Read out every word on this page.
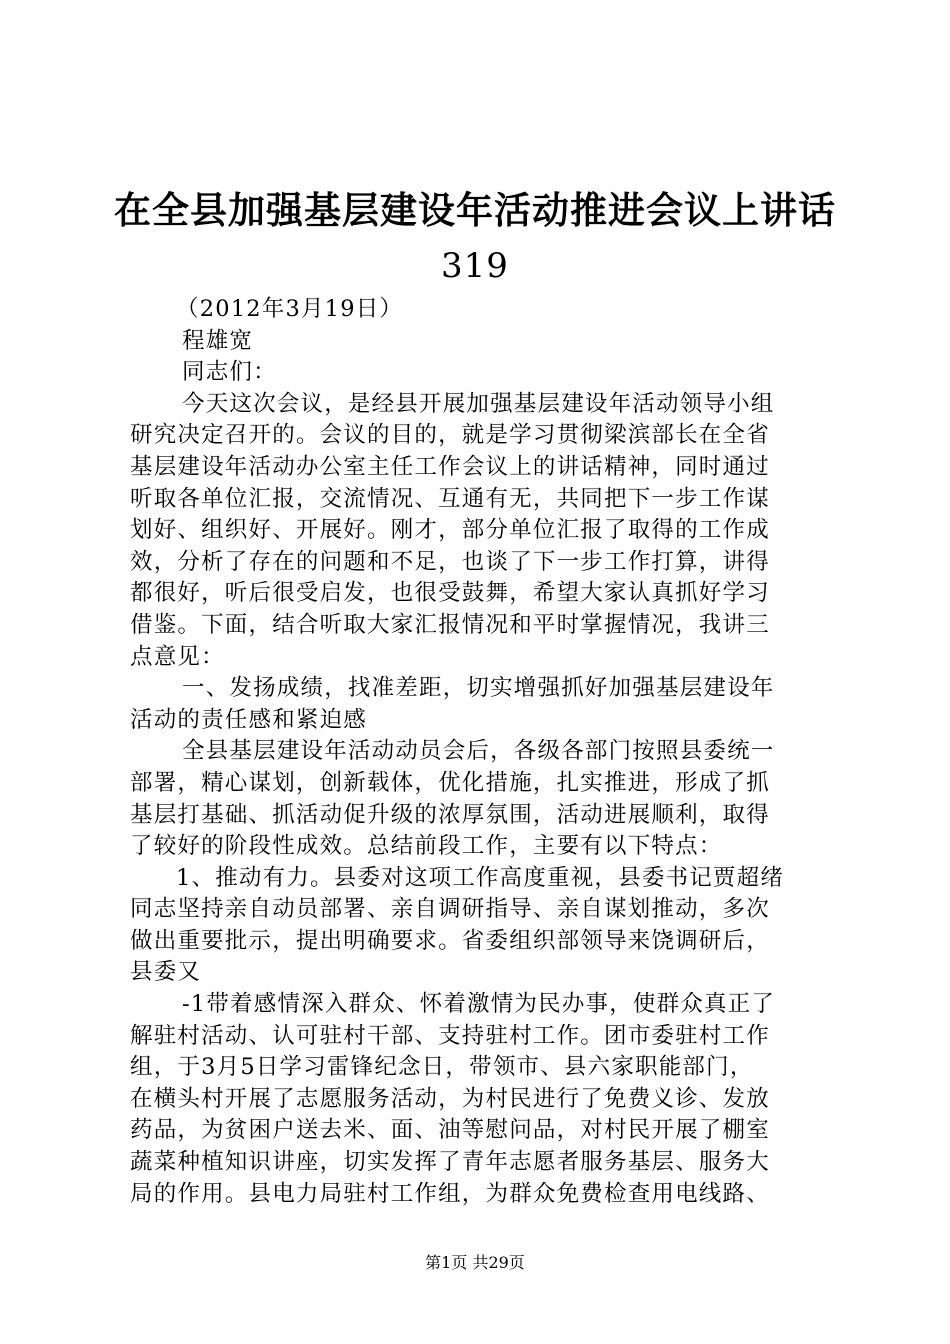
在全县加强基层建设年活动推进会议上讲话
319
（2012年3月19日）
程雄宽
同志们：
今天这次会议，是经县开展加强基层建设年活动领导小组
研究决定召开的。会议的目的，就是学习贯彻梁滨部长在全省
基层建设年活动办公室主任工作会议上的讲话精神，同时通过
听取各单位汇报，交流情况、互通有无，共同把下一步工作谋
划好、组织好、开展好。刚才，部分单位汇报了取得的工作成
效，分析了存在的问题和不足，也谈了下一步工作打算，讲得
都很好，听后很受启发，也很受鼓舞，希望大家认真抓好学习
借鉴。下面，结合听取大家汇报情况和平时掌握情况，我讲三
点意见：
一、发扬成绩，找准差距，切实增强抓好加强基层建设年
活动的责任感和紧迫感
全县基层建设年活动动员会后，各级各部门按照县委统一
部署，精心谋划，创新载体，优化措施，扎实推进，形成了抓
基层打基础、抓活动促升级的浓厚氛围，活动进展顺利，取得
了较好的阶段性成效。总结前段工作，主要有以下特点：
1、推动有力。县委对这项工作高度重视，县委书记贾超绪
同志坚持亲自动员部署、亲自调研指导、亲自谋划推动，多次
做出重要批示，提出明确要求。省委组织部领导来饶调研后，
县委又
-1带着感情深入群众、怀着激情为民办事，使群众真正了
解驻村活动、认可驻村干部、支持驻村工作。团市委驻村工作
组，于3月5日学习雷锋纪念日，带领市、县六家职能部门，
在横头村开展了志愿服务活动，为村民进行了免费义诊、发放
药品，为贫困户送去米、面、油等慰问品，对村民开展了棚室
蔬菜种植知识讲座，切实发挥了青年志愿者服务基层、服务大
局的作用。县电力局驻村工作组，为群众免费检查用电线路、
第1页 共29页
